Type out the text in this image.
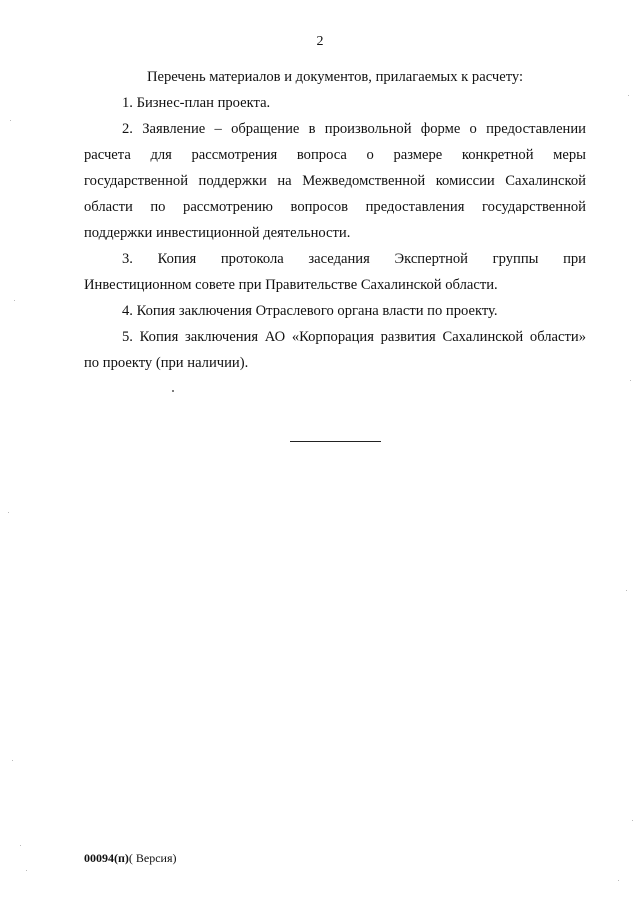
2

Перечень материалов и документов, прилагаемых к расчету:

1. Бизнес-план проекта.

2. Заявление – обращение в произвольной форме о предоставлении
расчета для рассмотрения вопроса о размере конкретной меры
государственной поддержки на Межведомственной комиссии Сахалинской
области по рассмотрению вопросов предоставления государственной
поддержки инвестиционной деятельности.

3. Копия протокола заседания Экспертной группы при
Инвестиционном совете при Правительстве Сахалинской области.

4. Копия заключения Отраслевого органа власти по проекту.

5. Копия заключения АО «Корпорация развития Сахалинской области»
по проекту (при наличии).

00094(п)( Версия)
